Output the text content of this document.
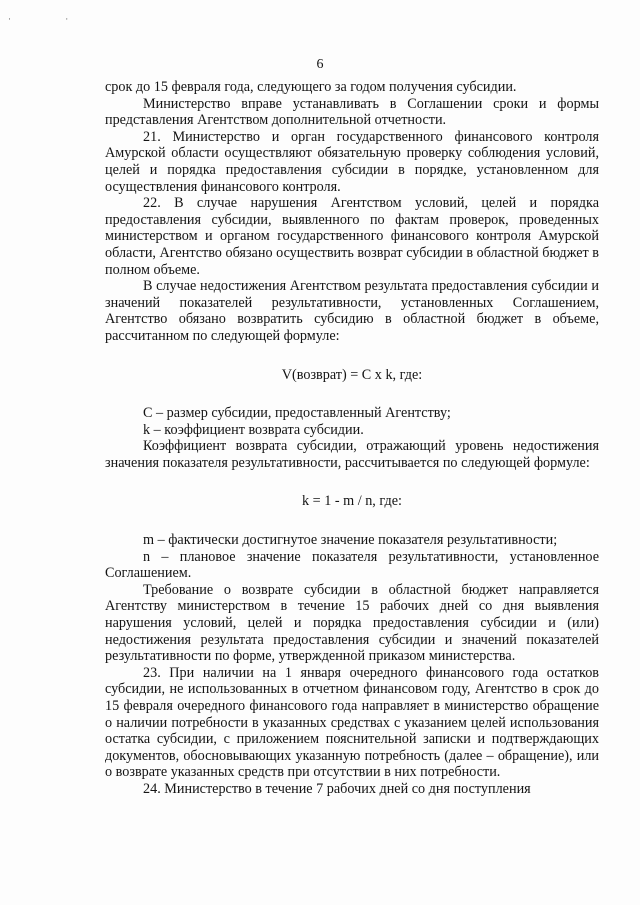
· ·
6

срок до 15 февраля года, следующего за годом получения субсидии.

Министерство вправе устанавливать в Соглашении сроки и формы представления Агентством дополнительной отчетности.

21. Министерство и орган государственного финансового контроля Амурской области осуществляют обязательную проверку соблюдения условий, целей и порядка предоставления субсидии в порядке, установленном для осуществления финансового контроля.

22. В случае нарушения Агентством условий, целей и порядка предоставления субсидии, выявленного по фактам проверок, проведенных министерством и органом государственного финансового контроля Амурской области, Агентство обязано осуществить возврат субсидии в областной бюджет в полном объеме.

В случае недостижения Агентством результата предоставления субсидии и значений показателей результативности, установленных Соглашением, Агентство обязано возвратить субсидию в областной бюджет в объеме, рассчитанном по следующей формуле:

V(возврат) = C x k, где:

C – размер субсидии, предоставленный Агентству;

k – коэффициент возврата субсидии.

Коэффициент возврата субсидии, отражающий уровень недостижения значения показателя результативности, рассчитывается по следующей формуле:

k = 1 - m / n, где:

m – фактически достигнутое значение показателя результативности;

n – плановое значение показателя результативности, установленное Соглашением.

Требование о возврате субсидии в областной бюджет направляется Агентству министерством в течение 15 рабочих дней со дня выявления нарушения условий, целей и порядка предоставления субсидии и (или) недостижения результата предоставления субсидии и значений показателей результативности по форме, утвержденной приказом министерства.

23. При наличии на 1 января очередного финансового года остатков субсидии, не использованных в отчетном финансовом году, Агентство в срок до 15 февраля очередного финансового года направляет в министерство обращение о наличии потребности в указанных средствах с указанием целей использования остатка субсидии, с приложением пояснительной записки и подтверждающих документов, обосновывающих указанную потребность (далее – обращение), или о возврате указанных средств при отсутствии в них потребности.

24. Министерство в течение 7 рабочих дней со дня поступления
